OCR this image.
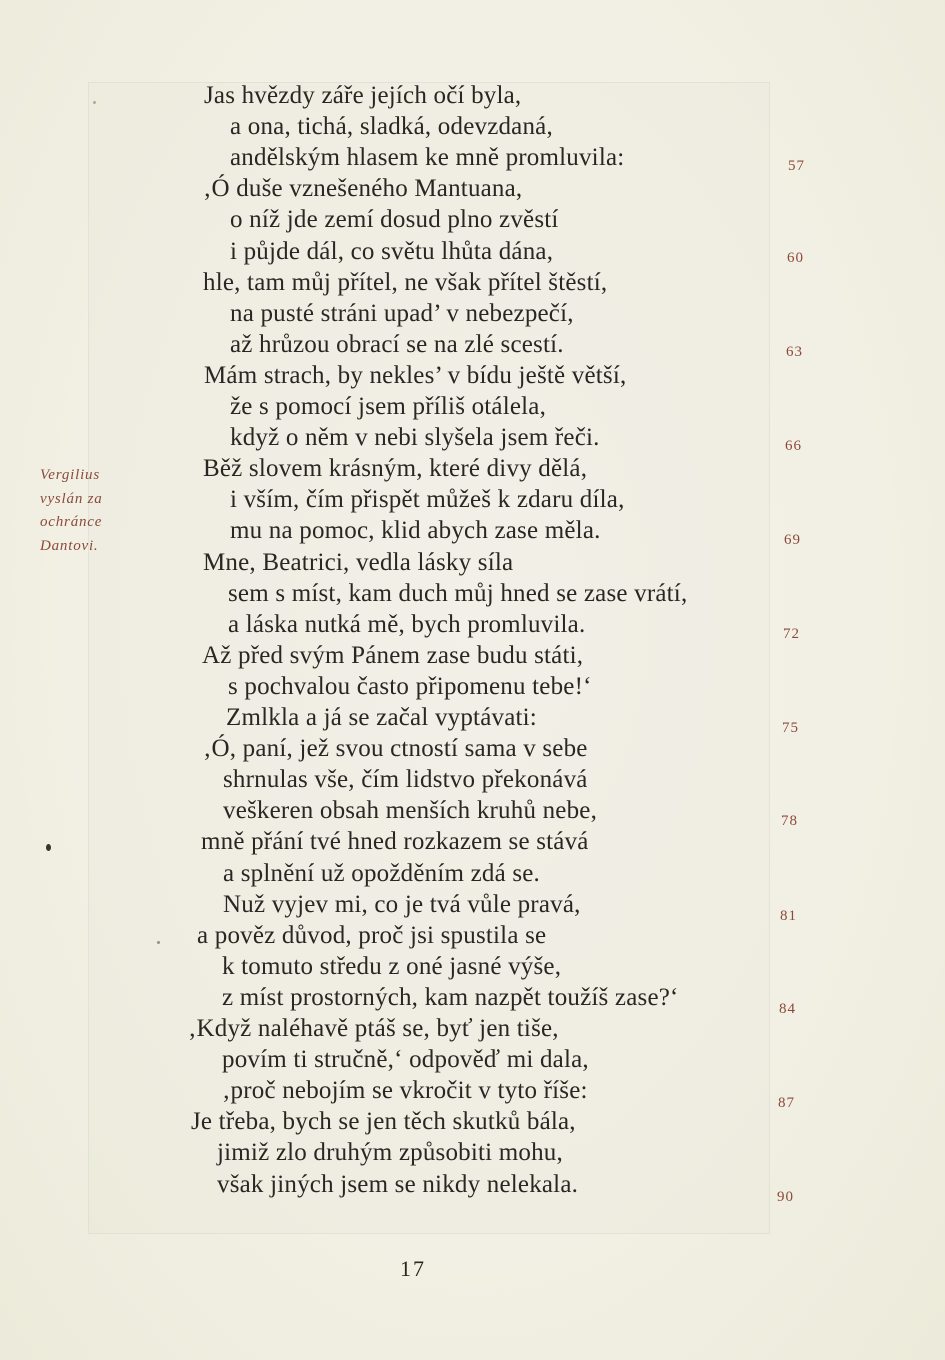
Jas hvězdy záře jejích očí byla,
a ona, tichá, sladká, odevzdaná,
andělským hlasem ke mně promluvila:
‚Ó duše vznešeného Mantuana,
o níž jde zemí dosud plno zvěstí
i půjde dál, co světu lhůta dána,
hle, tam můj přítel, ne však přítel štěstí,
na pusté stráni upad’ v nebezpečí,
až hrůzou obrací se na zlé scestí.
Mám strach, by nekles’ v bídu ještě větší,
že s pomocí jsem příliš otálela,
když o něm v nebi slyšela jsem řeči.
Běž slovem krásným, které divy dělá,
i vším, čím přispět můžeš k zdaru díla,
mu na pomoc, klid abych zase měla.
Mne, Beatrici, vedla lásky síla
sem s míst, kam duch můj hned se zase vrátí,
a láska nutká mě, bych promluvila.
Až před svým Pánem zase budu státi,
s pochvalou často připomenu tebe!‘
Zmlkla a já se začal vyptávati:
‚Ó, paní, jež svou ctností sama v sebe
shrnulas vše, čím lidstvo překonává
veškeren obsah menších kruhů nebe,
mně přání tvé hned rozkazem se stává
a splnění už opožděním zdá se.
Nuž vyjev mi, co je tvá vůle pravá,
a pověz důvod, proč jsi spustila se
k tomuto středu z oné jasné výše,
z míst prostorných, kam nazpět toužíš zase?‘
‚Když naléhavě ptáš se, byť jen tiše,
povím ti stručně,‘ odpověď mi dala,
‚proč nebojím se vkročit v tyto říše:
Je třeba, bych se jen těch skutků bála,
jimiž zlo druhým způsobiti mohu,
však jiných jsem se nikdy nelekala.
57
60
63
66
69
72
75
78
81
84
87
90
Vergilius
vyslán za
ochránce
Dantovi.
17
